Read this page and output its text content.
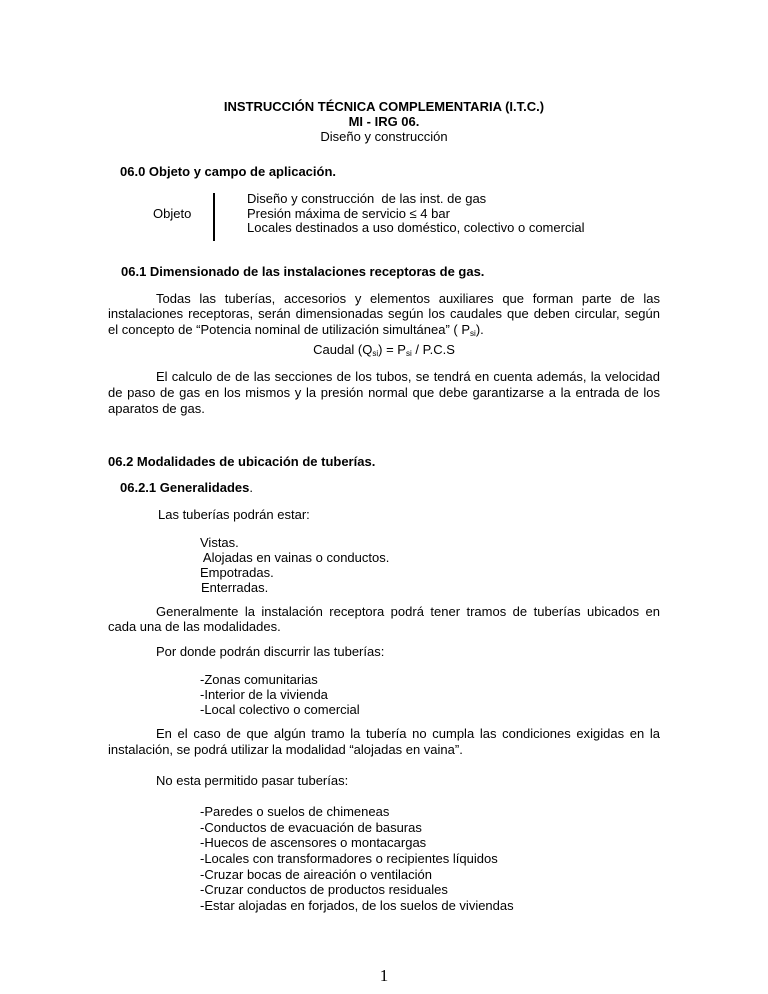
INSTRUCCIÓN TÉCNICA COMPLEMENTARIA (I.T.C.)
MI - IRG 06.
Diseño y construcción
06.0 Objeto y campo de aplicación.
Objeto
Diseño y construcción  de las inst. de gas
Presión máxima de servicio ≤ 4 bar
Locales destinados a uso doméstico, colectivo o comercial
06.1 Dimensionado de las instalaciones receptoras de gas.
Todas las tuberías, accesorios y elementos auxiliares que forman parte de las
instalaciones receptoras, serán dimensionadas según los caudales que deben circular, según
el concepto de “Potencia nominal de utilización simultánea” ( $P_{si}$).
Caudal $(Q_{si}) = P_{si} / P.C.S$
El calculo de de las secciones de los tubos, se tendrá en cuenta además, la velocidad
de paso de gas en los mismos y la presión normal que debe garantizarse a la entrada de los
aparatos de gas.
06.2 Modalidades de ubicación de tuberías.
06.2.1 Generalidades.
Las tuberías podrán estar:
Vistas.
Alojadas en vainas o conductos.
Empotradas.
Enterradas.
Generalmente la instalación receptora podrá tener tramos de tuberías ubicados en
cada una de las modalidades.
Por donde podrán discurrir las tuberías:
-Zonas comunitarias
-Interior de la vivienda
-Local colectivo o comercial
En el caso de que algún tramo la tubería no cumpla las condiciones exigidas en la
instalación, se podrá utilizar la modalidad “alojadas en vaina”.
No esta permitido pasar tuberías:
-Paredes o suelos de chimeneas
-Conductos de evacuación de basuras
-Huecos de ascensores o montacargas
-Locales con transformadores o recipientes líquidos
-Cruzar bocas de aireación o ventilación
-Cruzar conductos de productos residuales
-Estar alojadas en forjados, de los suelos de viviendas
1
